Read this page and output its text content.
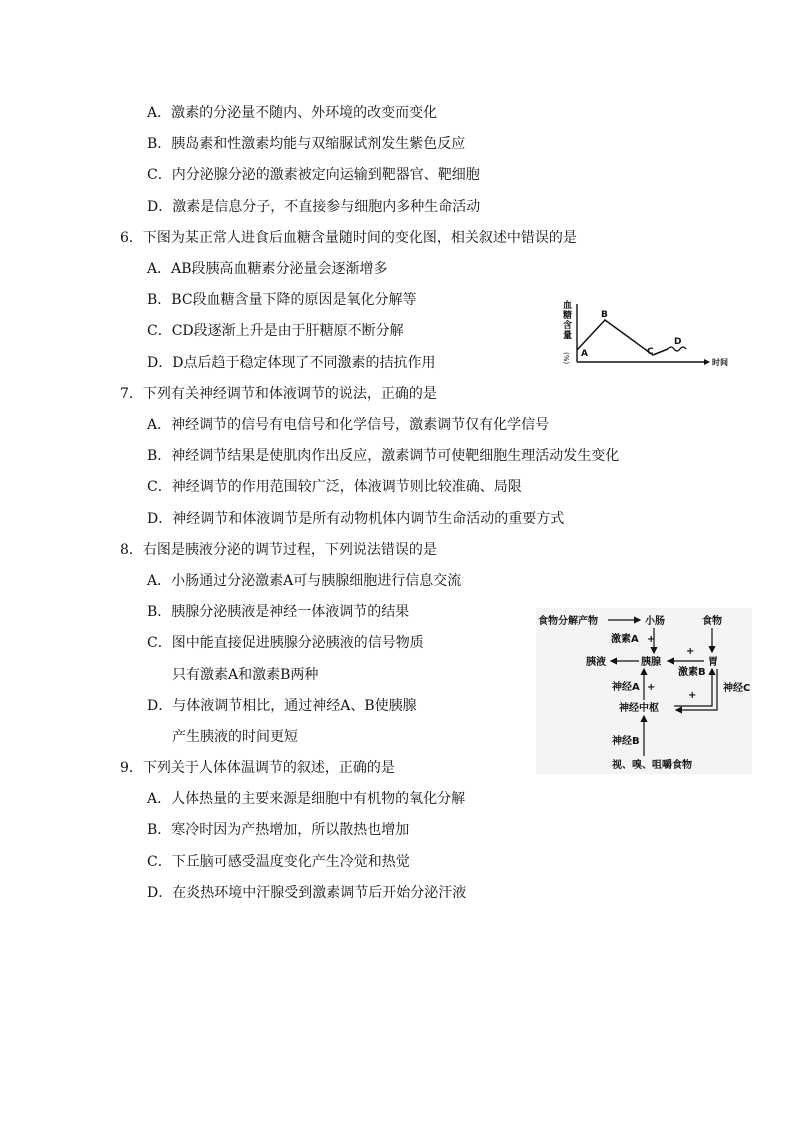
A．激素的分泌量不随内、外环境的改变而变化
B．胰岛素和性激素均能与双缩脲试剂发生紫色反应
C．内分泌腺分泌的激素被定向运输到靶器官、靶细胞
D．激素是信息分子，不直接参与细胞内多种生命活动
6．下图为某正常人进食后血糖含量随时间的变化图，相关叙述中错误的是
A．AB段胰高血糖素分泌量会逐渐增多
B．BC段血糖含量下降的原因是氧化分解等
C．CD段逐渐上升是由于肝糖原不断分解
D．D点后趋于稳定体现了不同激素的拮抗作用
血
糖
含
量
(%) A
B
C
D
时间
7．下列有关神经调节和体液调节的说法，正确的是
A．神经调节的信号有电信号和化学信号，激素调节仅有化学信号
B．神经调节结果是使肌肉作出反应，激素调节可使靶细胞生理活动发生变化
C．神经调节的作用范围较广泛，体液调节则比较准确、局限
D．神经调节和体液调节是所有动物机体内调节生命活动的重要方式
8．右图是胰液分泌的调节过程，下列说法错误的是
A．小肠通过分泌激素A可与胰腺细胞进行信息交流
B．胰腺分泌胰液是神经一体液调节的结果
C．图中能直接促进胰腺分泌胰液的信号物质
只有激素A和激素B两种
D．与体液调节相比，通过神经A、B使胰腺
产生胰液的时间更短
食物分解产物	小肠	食物
激素A +
胰液	胰腺	胃
+
激素B
神经A +
+
神经C
神经中枢
神经B
视、嗅、咀嚼食物
9．下列关于人体体温调节的叙述，正确的是
A．人体热量的主要来源是细胞中有机物的氧化分解
B．寒冷时因为产热增加，所以散热也增加
C．下丘脑可感受温度变化产生冷觉和热觉
D．在炎热环境中汗腺受到激素调节后开始分泌汗液
